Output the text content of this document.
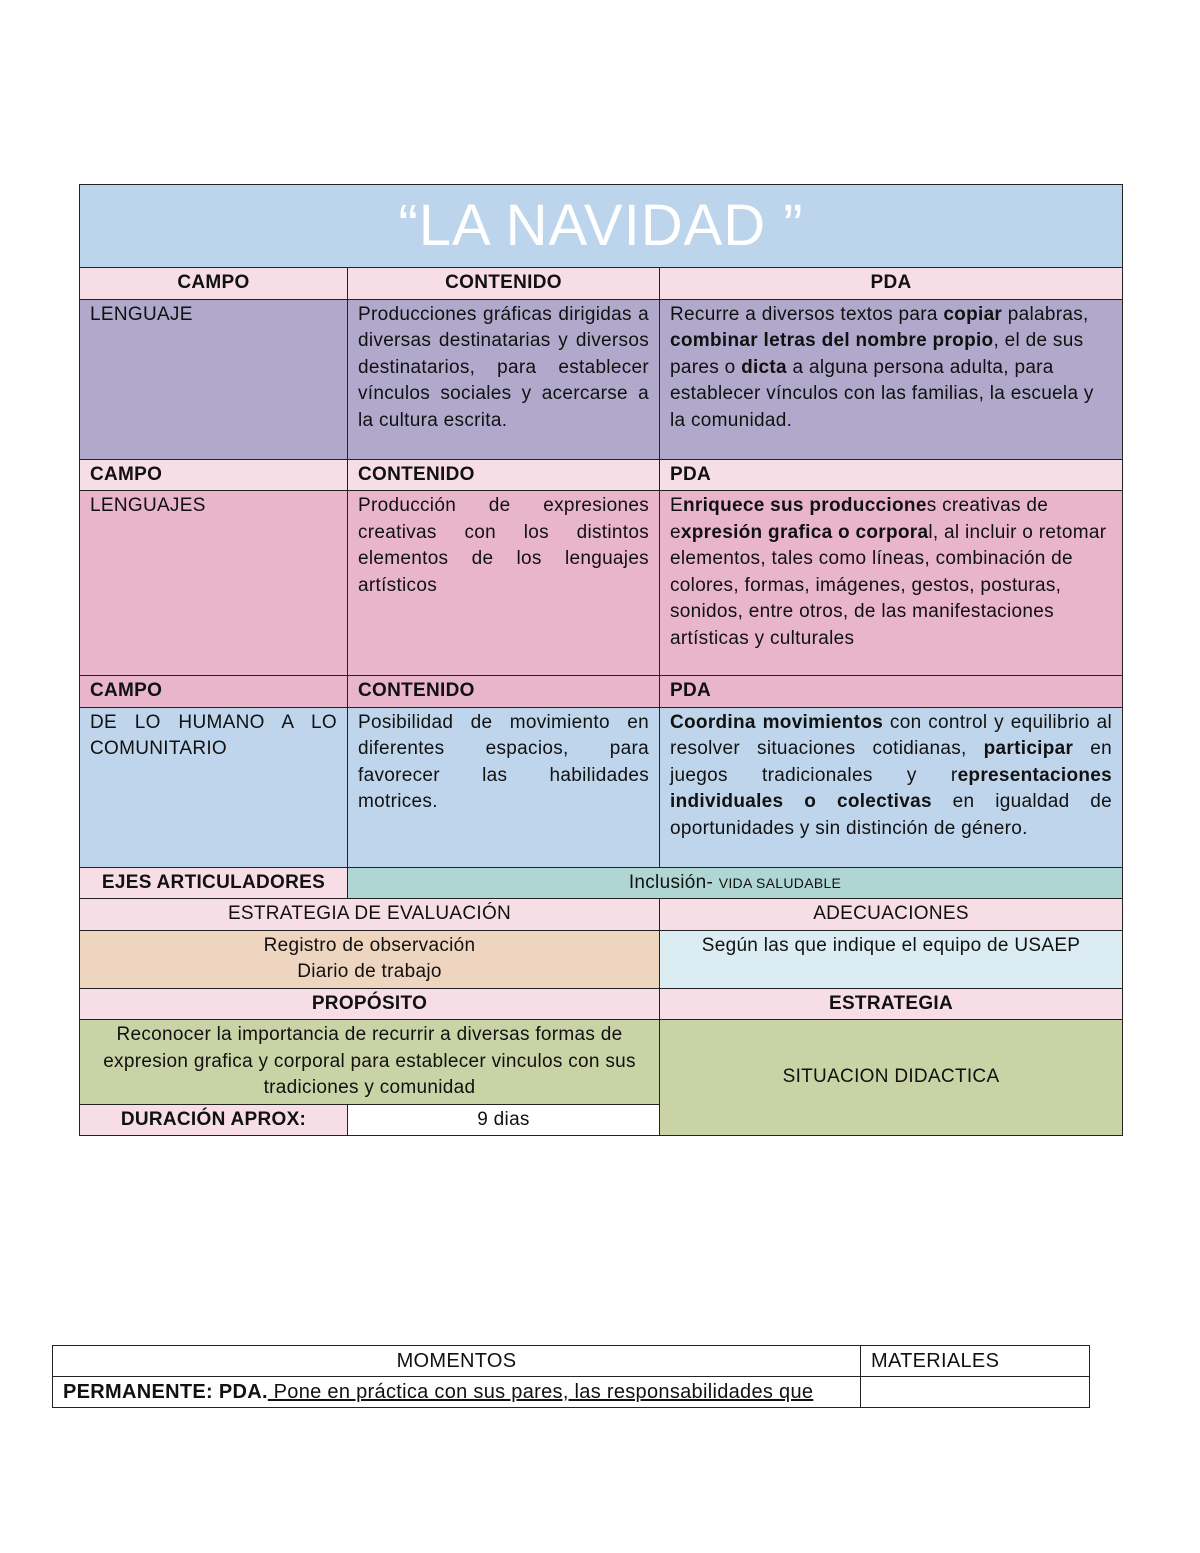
“LA NAVIDAD ”		
CAMPO	CONTENIDO	PDA
LENGUAJE	Producciones gráficas dirigidas a diversas destinatarias y diversos destinatarios, para establecer vínculos sociales y acercarse a la cultura escrita.	Recurre a diversos textos para copiar palabras, combinar letras del nombre propio, el de sus pares o dicta a alguna persona adulta, para establecer vínculos con las familias, la escuela y la comunidad.
CAMPO	CONTENIDO	PDA
LENGUAJES	Producción de expresiones creativas con los distintos elementos de los lenguajes artísticos	Enriquece sus producciones creativas de expresión grafica o corporal, al incluir o retomar elementos, tales como líneas, combinación de colores, formas, imágenes, gestos, posturas, sonidos, entre otros, de las manifestaciones artísticas y culturales
CAMPO	CONTENIDO	PDA
DE LO HUMANO A LO COMUNITARIO	Posibilidad de movimiento en diferentes espacios, para favorecer las habilidades motrices.	Coordina movimientos con control y equilibrio al resolver situaciones cotidianas, participar en juegos tradicionales y representaciones individuales o colectivas en igualdad de oportunidades y sin distinción de género.
EJES ARTICULADORES	Inclusión- VIDA SALUDABLE	
ESTRATEGIA DE EVALUACIÓN		ADECUACIONES

Registro de observación
Diario de trabajo		Según las que indique el equipo de USAEP
PROPÓSITO		ESTRATEGIA
Reconocer la importancia de recurrir a diversas formas de expresion grafica y corporal para establecer vinculos con sus tradiciones y comunidad		SITUACION DIDACTICA
DURACIÓN APROX:	9 dias	
MOMENTOS	MATERIALES
PERMANENTE: PDA. Pone en práctica con sus pares, las responsabilidades que	
